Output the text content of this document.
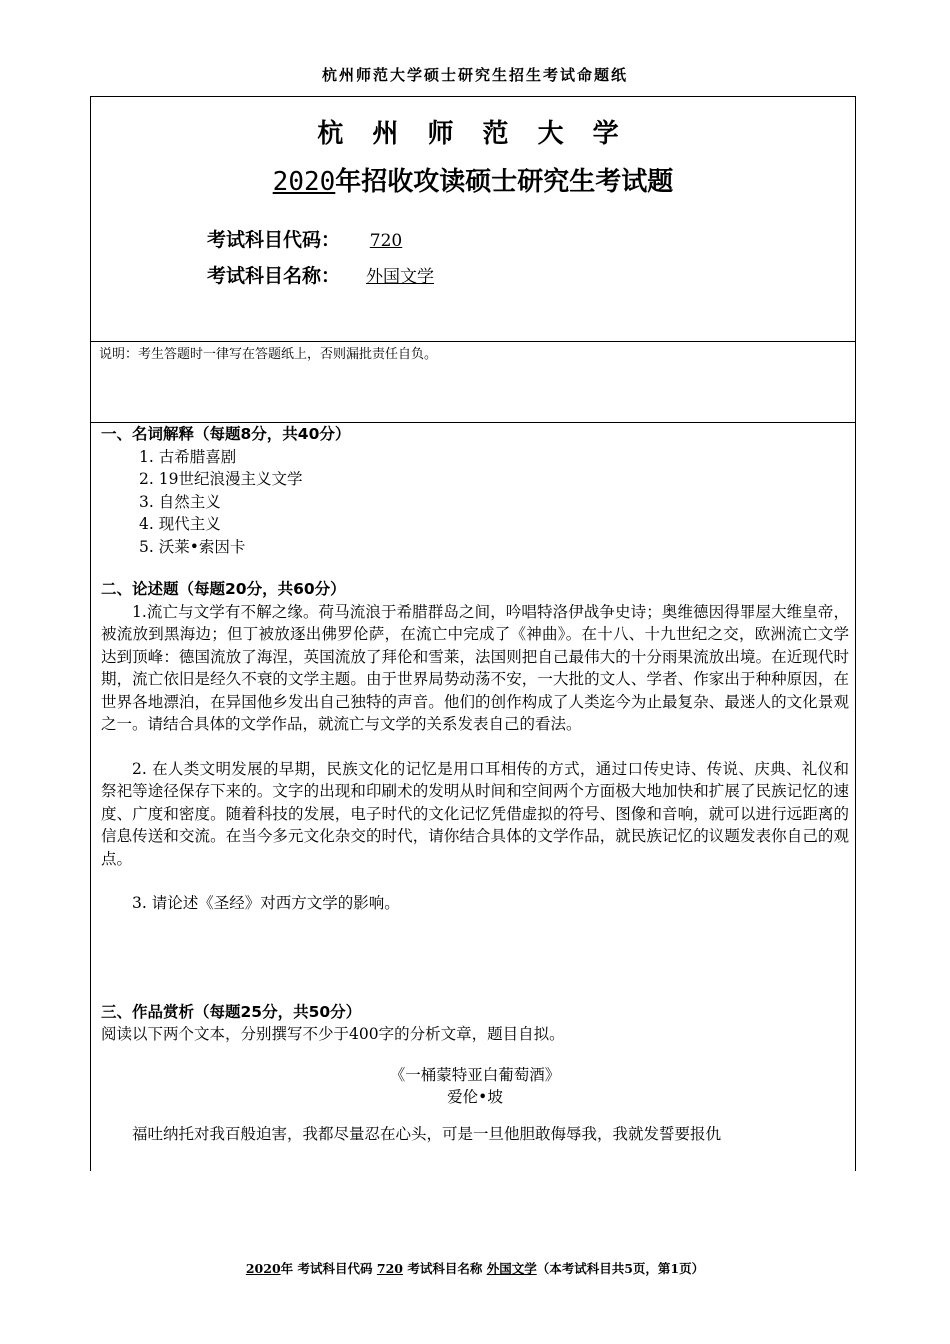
杭州师范大学硕士研究生招生考试命题纸
杭 州 师 范 大 学
2020年招收攻读硕士研究生考试题
考试科目代码： 720
考试科目名称： 外国文学
说明：考生答题时一律写在答题纸上，否则漏批责任自负。
一、名词解释（每题8分，共40分）
1. 古希腊喜剧
2. 19世纪浪漫主义文学
3. 自然主义
4. 现代主义
5. 沃莱•索因卡
二、论述题（每题20分，共60分）
1.流亡与文学有不解之缘。荷马流浪于希腊群岛之间，吟唱特洛伊战争史诗；奥维德因得罪屋大维皇帝，被流放到黑海边；但丁被放逐出佛罗伦萨，在流亡中完成了《神曲》。在十八、十九世纪之交，欧洲流亡文学达到顶峰：德国流放了海涅，英国流放了拜伦和雪莱，法国则把自己最伟大的十分雨果流放出境。在近现代时期，流亡依旧是经久不衰的文学主题。由于世界局势动荡不安，一大批的文人、学者、作家出于种种原因，在世界各地漂泊，在异国他乡发出自己独特的声音。他们的创作构成了人类迄今为止最复杂、最迷人的文化景观之一。请结合具体的文学作品，就流亡与文学的关系发表自己的看法。
2. 在人类文明发展的早期，民族文化的记忆是用口耳相传的方式，通过口传史诗、传说、庆典、礼仪和祭祀等途径保存下来的。文字的出现和印刷术的发明从时间和空间两个方面极大地加快和扩展了民族记忆的速度、广度和密度。随着科技的发展，电子时代的文化记忆凭借虚拟的符号、图像和音响，就可以进行远距离的信息传送和交流。在当今多元文化杂交的时代，请你结合具体的文学作品，就民族记忆的议题发表你自己的观点。
3. 请论述《圣经》对西方文学的影响。
三、作品赏析（每题25分，共50分）
阅读以下两个文本，分别撰写不少于400字的分析文章，题目自拟。
《一桶蒙特亚白葡萄酒》
爱伦•坡
福吐纳托对我百般迫害，我都尽量忍在心头，可是一旦他胆敢侮辱我，我就发誓要报仇
2020年 考试科目代码 720 考试科目名称 外国文学（本考试科目共5页，第1页）
